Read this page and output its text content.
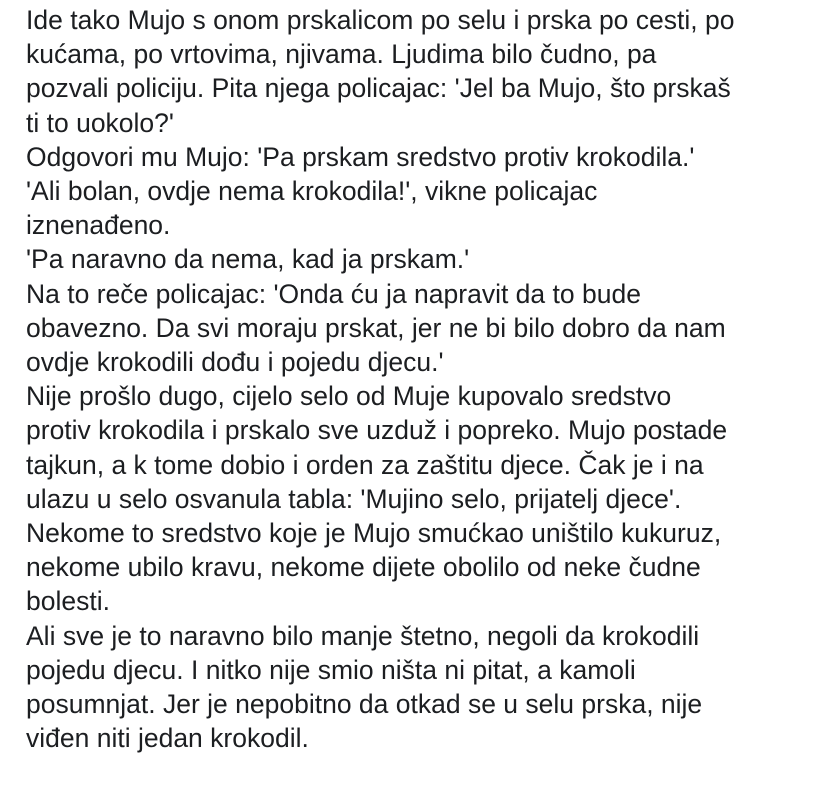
Ide tako Mujo s onom prskalicom po selu i prska po cesti, po
kućama, po vrtovima, njivama. Ljudima bilo čudno, pa
pozvali policiju. Pita njega policajac: 'Jel ba Mujo, što prskaš
ti to uokolo?'

Odgovori mu Mujo: 'Pa prskam sredstvo protiv krokodila.'

'Ali bolan, ovdje nema krokodila!', vikne policajac
iznenađeno.

'Pa naravno da nema, kad ja prskam.'

Na to reče policajac: 'Onda ću ja napravit da to bude
obavezno. Da svi moraju prskat, jer ne bi bilo dobro da nam
ovdje krokodili dođu i pojedu djecu.'

Nije prošlo dugo, cijelo selo od Muje kupovalo sredstvo
protiv krokodila i prskalo sve uzduž i popreko. Mujo postade
tajkun, a k tome dobio i orden za zaštitu djece. Čak je i na
ulazu u selo osvanula tabla: 'Mujino selo, prijatelj djece'.

Nekome to sredstvo koje je Mujo smućkao uništilo kukuruz,
nekome ubilo kravu, nekome dijete obolilo od neke čudne
bolesti.

Ali sve je to naravno bilo manje štetno, negoli da krokodili
pojedu djecu. I nitko nije smio ništa ni pitat, a kamoli
posumnjat. Jer je nepobitno da otkad se u selu prska, nije
viđen niti jedan krokodil.
